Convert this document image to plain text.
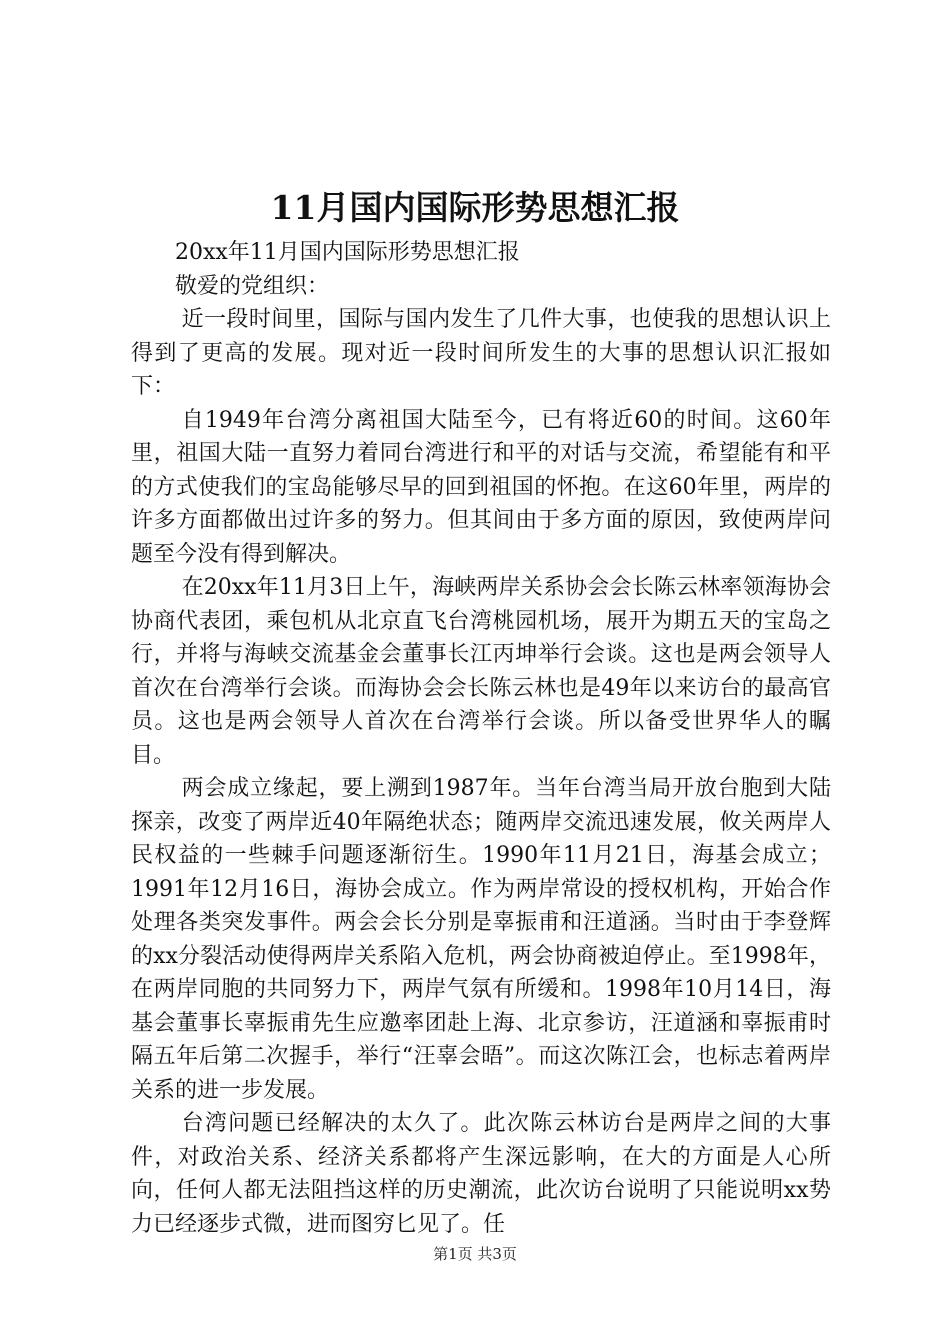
11月国内国际形势思想汇报

20xx年11月国内国际形势思想汇报

敬爱的党组织：

近一段时间里，国际与国内发生了几件大事，也使我的思想认识上得到了更高的发展。现对近一段时间所发生的大事的思想认识汇报如下：

自1949年台湾分离祖国大陆至今，已有将近60的时间。这60年里，祖国大陆一直努力着同台湾进行和平的对话与交流，希望能有和平的方式使我们的宝岛能够尽早的回到祖国的怀抱。在这60年里，两岸的许多方面都做出过许多的努力。但其间由于多方面的原因，致使两岸问题至今没有得到解决。

在20xx年11月3日上午，海峡两岸关系协会会长陈云林率领海协会协商代表团，乘包机从北京直飞台湾桃园机场，展开为期五天的宝岛之行，并将与海峡交流基金会董事长江丙坤举行会谈。这也是两会领导人首次在台湾举行会谈。而海协会会长陈云林也是49年以来访台的最高官员。这也是两会领导人首次在台湾举行会谈。所以备受世界华人的瞩目。

两会成立缘起，要上溯到1987年。当年台湾当局开放台胞到大陆探亲，改变了两岸近40年隔绝状态；随两岸交流迅速发展，攸关两岸人民权益的一些棘手问题逐渐衍生。1990年11月21日，海基会成立；1991年12月16日，海协会成立。作为两岸常设的授权机构，开始合作处理各类突发事件。两会会长分别是辜振甫和汪道涵。当时由于李登辉的xx分裂活动使得两岸关系陷入危机，两会协商被迫停止。至1998年，在两岸同胞的共同努力下，两岸气氛有所缓和。1998年10月14日，海基会董事长辜振甫先生应邀率团赴上海、北京参访，汪道涵和辜振甫时隔五年后第二次握手，举行“汪辜会晤”。而这次陈江会，也标志着两岸关系的进一步发展。

台湾问题已经解决的太久了。此次陈云林访台是两岸之间的大事件，对政治关系、经济关系都将产生深远影响，在大的方面是人心所向，任何人都无法阻挡这样的历史潮流，此次访台说明了只能说明xx势力已经逐步式微，进而图穷匕见了。任

第1页 共3页
